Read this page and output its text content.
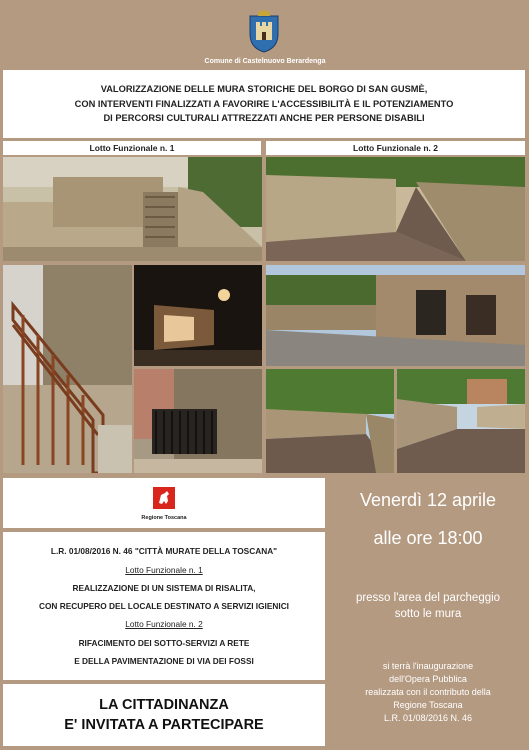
Comune di Castelnuovo Berardenga
VALORIZZAZIONE DELLE MURA STORICHE DEL BORGO DI SAN GUSMÈ,
CON INTERVENTI FINALIZZATI A FAVORIRE L'ACCESSIBILITÀ E IL POTENZIAMENTO
DI PERCORSI CULTURALI ATTREZZATI ANCHE PER PERSONE DISABILI
Lotto Funzionale n. 1	Lotto Funzionale n. 2
Regione Toscana
L.R. 01/08/2016 N. 46 "CITTÀ MURATE DELLA TOSCANA"
Lotto Funzionale n. 1
REALIZZAZIONE DI UN SISTEMA DI RISALITA,
CON RECUPERO DEL LOCALE DESTINATO A SERVIZI IGIENICI
Lotto Funzionale n. 2
RIFACIMENTO DEI SOTTO-SERVIZI A RETE
E DELLA PAVIMENTAZIONE DI VIA DEI FOSSI
LA CITTADINANZA
E' INVITATA A PARTECIPARE
Venerdì 12 aprile
alle ore 18:00
presso l'area del parcheggio
sotto le mura
si terrà l'inaugurazione
dell'Opera Pubblica
realizzata con il contributo della
Regione Toscana
L.R. 01/08/2016 N. 46
